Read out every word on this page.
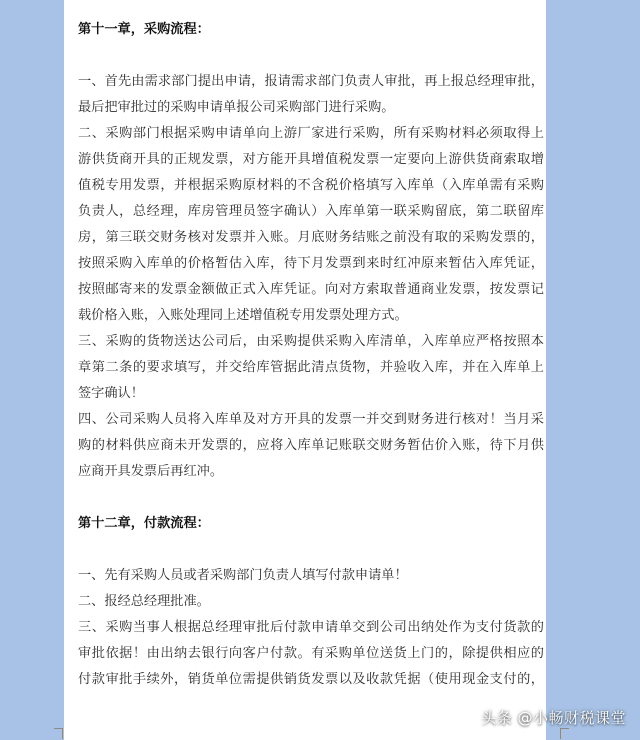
第十一章，采购流程：
一、首先由需求部门提出申请，报请需求部门负责人审批，再上报总经理审批，
最后把审批过的采购申请单报公司采购部门进行采购。
二、采购部门根据采购申请单向上游厂家进行采购，所有采购材料必须取得上
游供货商开具的正规发票，对方能开具增值税发票一定要向上游供货商索取增
值税专用发票，并根据采购原材料的不含税价格填写入库单（入库单需有采购
负责人，总经理，库房管理员签字确认）入库单第一联采购留底，第二联留库
房，第三联交财务核对发票并入账。月底财务结账之前没有取的采购发票的，
按照采购入库单的价格暂估入库，待下月发票到来时红冲原来暂估入库凭证，
按照邮寄来的发票金额做正式入库凭证。向对方索取普通商业发票，按发票记
载价格入账，入账处理同上述增值税专用发票处理方式。
三、采购的货物送达公司后，由采购提供采购入库清单，入库单应严格按照本
章第二条的要求填写，并交给库管据此清点货物，并验收入库，并在入库单上
签字确认！
四、公司采购人员将入库单及对方开具的发票一并交到财务进行核对！当月采
购的材料供应商未开发票的，应将入库单记账联交财务暂估价入账，待下月供
应商开具发票后再红冲。
第十二章，付款流程：
一、先有采购人员或者采购部门负责人填写付款申请单！
二、报经总经理批准。
三、采购当事人根据总经理审批后付款申请单交到公司出纳处作为支付货款的
审批依据！由出纳去银行向客户付款。有采购单位送货上门的，除提供相应的
付款审批手续外，销货单位需提供销货发票以及收款凭据（使用现金支付的，
头条 @小畅财税课堂
